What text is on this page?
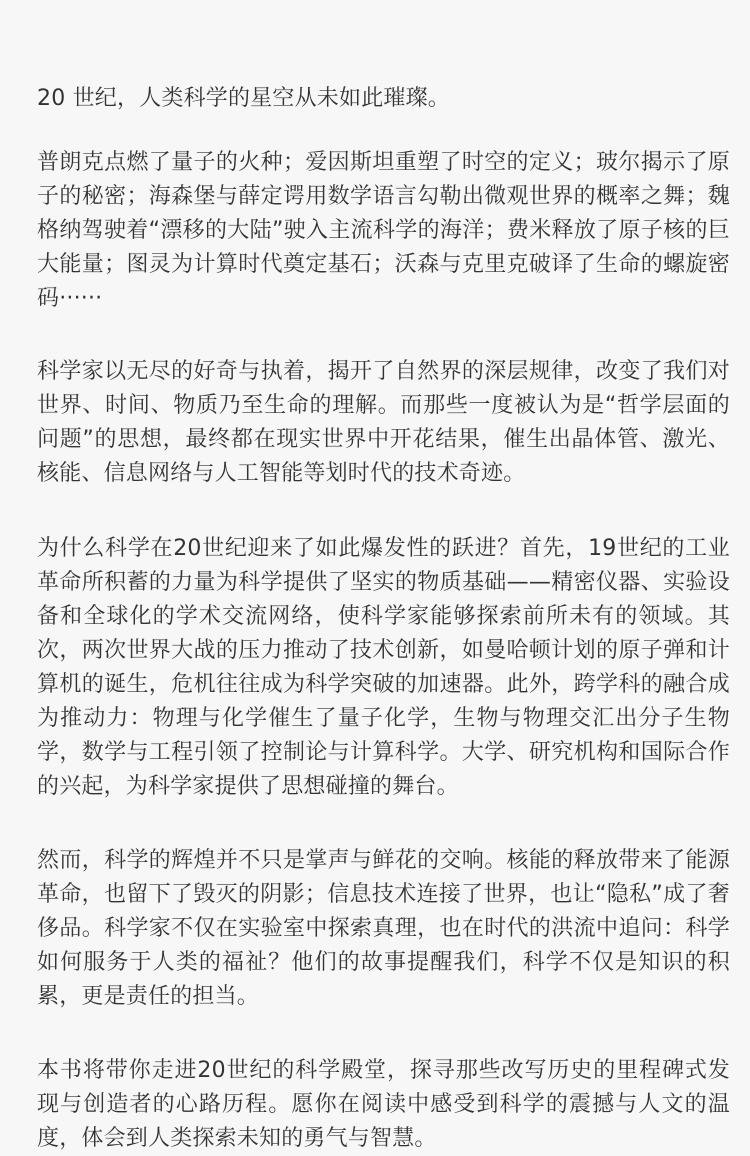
20 世纪，人类科学的星空从未如此璀璨。

普朗克点燃了量子的火种；爱因斯坦重塑了时空的定义；玻尔揭示了原子的秘密；海森堡与薛定谔用数学语言勾勒出微观世界的概率之舞；魏格纳驾驶着“漂移的大陆”驶入主流科学的海洋；费米释放了原子核的巨大能量；图灵为计算时代奠定基石；沃森与克里克破译了生命的螺旋密码······

科学家以无尽的好奇与执着，揭开了自然界的深层规律，改变了我们对世界、时间、物质乃至生命的理解。而那些一度被认为是“哲学层面的问题”的思想，最终都在现实世界中开花结果，催生出晶体管、激光、核能、信息网络与人工智能等划时代的技术奇迹。

为什么科学在20世纪迎来了如此爆发性的跃进？首先，19世纪的工业革命所积蓄的力量为科学提供了坚实的物质基础——精密仪器、实验设备和全球化的学术交流网络，使科学家能够探索前所未有的领域。其次，两次世界大战的压力推动了技术创新，如曼哈顿计划的原子弹和计算机的诞生，危机往往成为科学突破的加速器。此外，跨学科的融合成为推动力：物理与化学催生了量子化学，生物与物理交汇出分子生物学，数学与工程引领了控制论与计算科学。大学、研究机构和国际合作的兴起，为科学家提供了思想碰撞的舞台。

然而，科学的辉煌并不只是掌声与鲜花的交响。核能的释放带来了能源革命，也留下了毁灭的阴影；信息技术连接了世界，也让“隐私”成了奢侈品。科学家不仅在实验室中探索真理，也在时代的洪流中追问：科学如何服务于人类的福祉？他们的故事提醒我们，科学不仅是知识的积累，更是责任的担当。

本书将带你走进20世纪的科学殿堂，探寻那些改写历史的里程碑式发现与创造者的心路历程。愿你在阅读中感受到科学的震撼与人文的温度，体会到人类探索未知的勇气与智慧。
